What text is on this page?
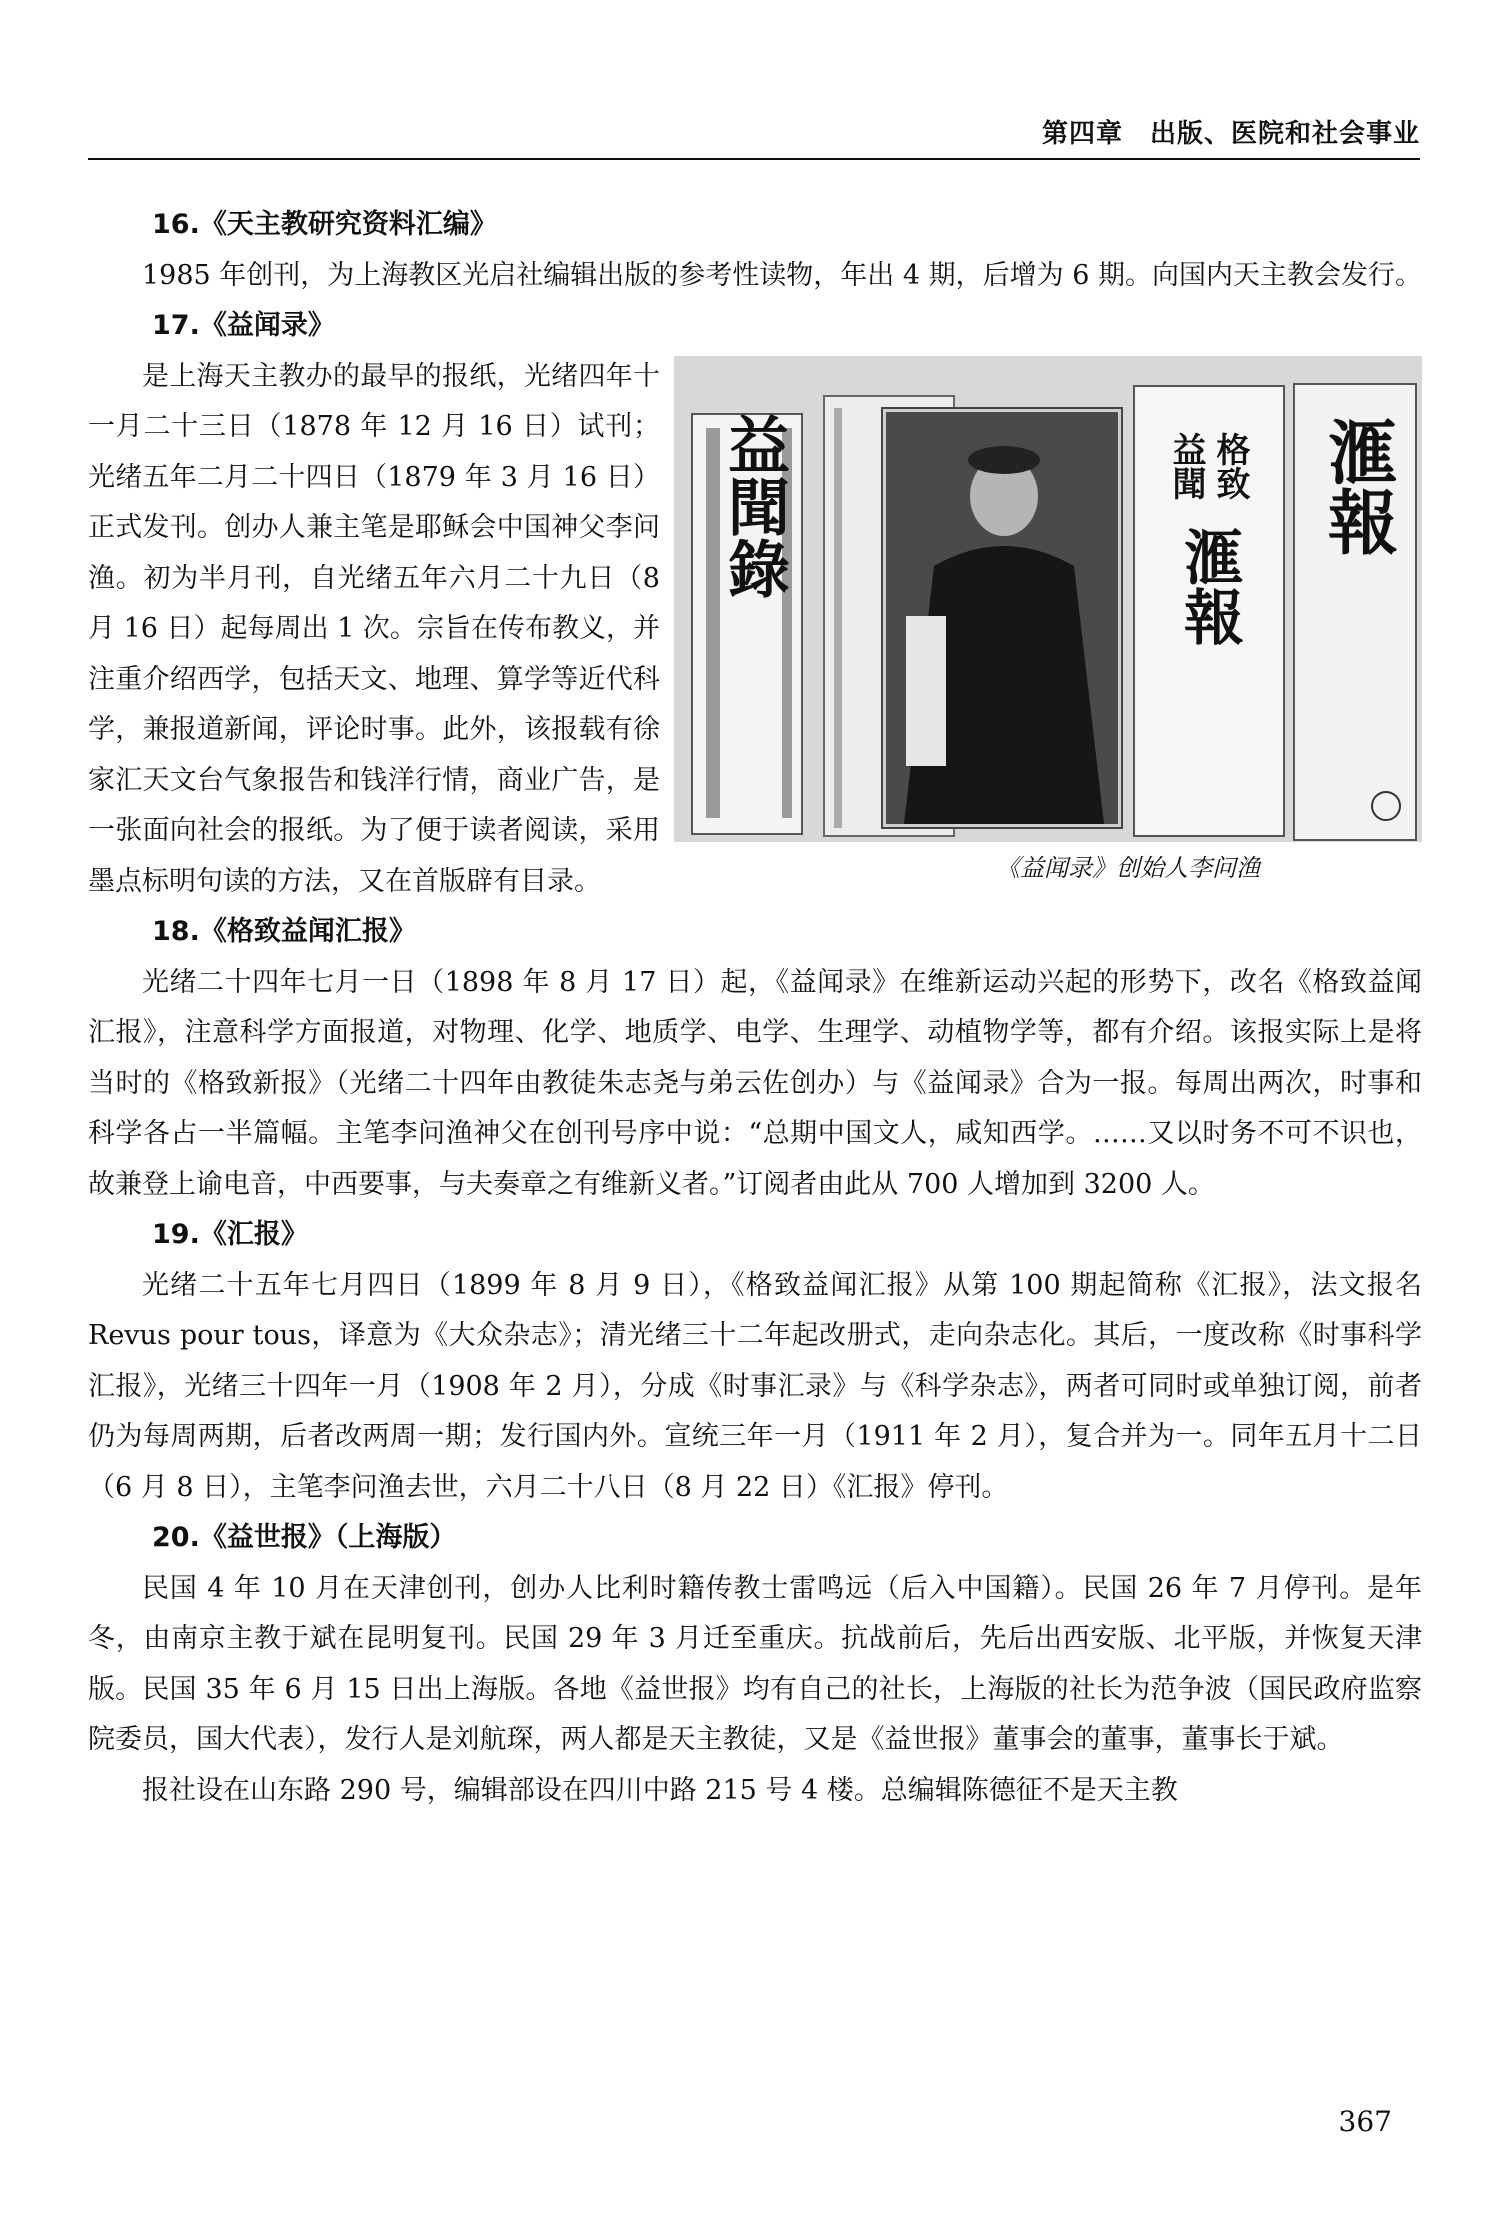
第四章　出版、医院和社会事业
16.《天主教研究资料汇编》

1985 年创刊，为上海教区光启社编辑出版的参考性读物，年出 4 期，后增为 6 期。向国内天主教会发行。

17.《益闻录》
益聞錄	格致
益聞
滙報
滙報
《益闻录》创始人李问渔

是上海天主教办的最早的报纸，光绪四年十一月二十三日（1878 年 12 月 16 日）试刊；光绪五年二月二十四日（1879 年 3 月 16 日）正式发刊。创办人兼主笔是耶稣会中国神父李问渔。初为半月刊，自光绪五年六月二十九日（8 月 16 日）起每周出 1 次。宗旨在传布教义，并注重介绍西学，包括天文、地理、算学等近代科学，兼报道新闻，评论时事。此外，该报载有徐家汇天文台气象报告和钱洋行情，商业广告，是一张面向社会的报纸。为了便于读者阅读，采用墨点标明句读的方法，又在首版辟有目录。

18.《格致益闻汇报》

光绪二十四年七月一日（1898 年 8 月 17 日）起，《益闻录》在维新运动兴起的形势下，改名《格致益闻汇报》，注意科学方面报道，对物理、化学、地质学、电学、生理学、动植物学等，都有介绍。该报实际上是将当时的《格致新报》（光绪二十四年由教徒朱志尧与弟云佐创办）与《益闻录》合为一报。每周出两次，时事和科学各占一半篇幅。主笔李问渔神父在创刊号序中说：“总期中国文人，咸知西学。……又以时务不可不识也，故兼登上谕电音，中西要事，与夫奏章之有维新义者。”订阅者由此从 700 人增加到 3200 人。

19.《汇报》

光绪二十五年七月四日（1899 年 8 月 9 日），《格致益闻汇报》从第 100 期起简称《汇报》，法文报名 Revus pour tous，译意为《大众杂志》；清光绪三十二年起改册式，走向杂志化。其后，一度改称《时事科学汇报》，光绪三十四年一月（1908 年 2 月），分成《时事汇录》与《科学杂志》，两者可同时或单独订阅，前者仍为每周两期，后者改两周一期；发行国内外。宣统三年一月（1911 年 2 月），复合并为一。同年五月十二日（6 月 8 日），主笔李问渔去世，六月二十八日（8 月 22 日）《汇报》停刊。

20.《益世报》（上海版）

民国 4 年 10 月在天津创刊，创办人比利时籍传教士雷鸣远（后入中国籍）。民国 26 年 7 月停刊。是年冬，由南京主教于斌在昆明复刊。民国 29 年 3 月迁至重庆。抗战前后，先后出西安版、北平版，并恢复天津版。民国 35 年 6 月 15 日出上海版。各地《益世报》均有自己的社长，上海版的社长为范争波（国民政府监察院委员，国大代表），发行人是刘航琛，两人都是天主教徒，又是《益世报》董事会的董事，董事长于斌。

报社设在山东路 290 号，编辑部设在四川中路 215 号 4 楼。总编辑陈德征不是天主教

367
